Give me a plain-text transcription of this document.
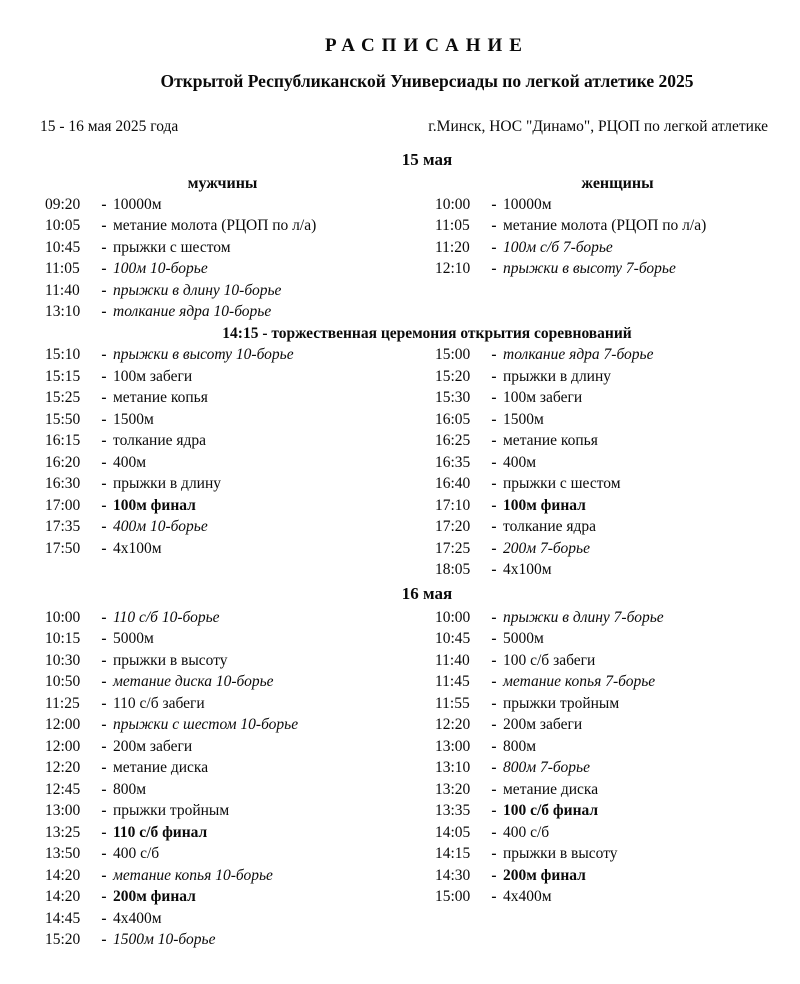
РАСПИСАНИЕ
Открытой Республиканской Универсиады по легкой атлетике 2025
15 - 16 мая 2025 года	г.Минск, НОС "Динамо", РЦОП по легкой атлетике
15 мая
мужчины
09:20	- 10000м
10:05	- метание молота (РЦОП по л/а)
10:45	- прыжки с шестом
11:05	- 100м 10-борье
11:40	- прыжки в длину 10-борье
13:10	- толкание ядра 10-борье
женщины
10:00	- 10000м
11:05	- метание молота (РЦОП по л/а)
11:20	- 100м с/б 7-борье
12:10	- прыжки в высоту 7-борье
14:15 - торжественная церемония открытия соревнований
15:10	- прыжки в высоту 10-борье
15:15	- 100м забеги
15:25	- метание копья
15:50	- 1500м
16:15	- толкание ядра
16:20	- 400м
16:30	- прыжки в длину
17:00	- 100м финал
17:35	- 400м 10-борье
17:50	- 4х100м
15:00	- толкание ядра 7-борье
15:20	- прыжки в длину
15:30	- 100м забеги
16:05	- 1500м
16:25	- метание копья
16:35	- 400м
16:40	- прыжки с шестом
17:10	- 100м финал
17:20	- толкание ядра
17:25	- 200м 7-борье
18:05	- 4х100м
16 мая
10:00	- 110 с/б 10-борье
10:15	- 5000м
10:30	- прыжки в высоту
10:50	- метание диска 10-борье
11:25	- 110 с/б забеги
12:00	- прыжки с шестом 10-борье
12:00	- 200м забеги
12:20	- метание диска
12:45	- 800м
13:00	- прыжки тройным
13:25	- 110 с/б финал
13:50	- 400 с/б
14:20	- метание копья 10-борье
14:20	- 200м финал
14:45	- 4х400м
15:20	- 1500м 10-борье
10:00	- прыжки в длину 7-борье
10:45	- 5000м
11:40	- 100 с/б забеги
11:45	- метание копья 7-борье
11:55	- прыжки тройным
12:20	- 200м забеги
13:00	- 800м
13:10	- 800м 7-борье
13:20	- метание диска
13:35	- 100 с/б финал
14:05	- 400 с/б
14:15	- прыжки в высоту
14:30	- 200м финал
15:00	- 4х400м
